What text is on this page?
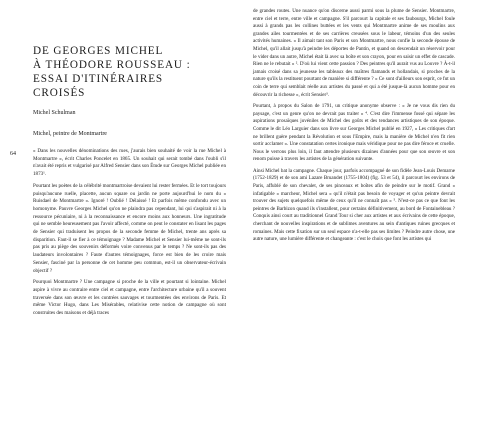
64
DE GEORGES MICHEL
À THÉODORE ROUSSEAU :
ESSAI D'ITINÉRAIRES
CROISÉS

Michel Schulman

Michel, peintre de Montmartre

« Dans les nouvelles dénominations des rues, j'aurais bien souhaité de voir la rue Michel à Montmartre », écrit Charles Poncelet en 1865. Un souhait qui serait tombé dans l'oubli s'il n'avait été repris et vulgarisé par Alfred Sensier dans son Étude sur Georges Michel publiée en 1873¹.

Pourtant les poètes de la célébrité montmartroise devaient lui rester fermées. Et le tort toujours puisqu'aucune ruelle, placette, aucun square ou jardin ne porte aujourd'hui le nom du « Ruisdael de Montmartre ». Ignoré ! Oublié ! Délaissé ! Et parfois même confondu avec un homonyme. Pauvre Georges Michel qu'on ne plaindra pas cependant, lui qui s'aspirait ni à la ressource pécuniaire, ni à la reconnaissance et encore moins aux honneurs. Une ingratitude qui ne semble heureusement pas l'avoir affecté, comme on peut le constater en lisant les pages de Sensier qui traduisent les propos de la seconde femme de Michel, trente ans après sa disparition. Faut-il se fier à ce témoignage ? Madame Michel et Sensier lui-même ne sont-ils pas pris au piège des souvenirs déformés voire convenus par le temps ? Ne sont-ils pas des laudateurs involontaires ? Faute d'autres témoignages, force est bien de les croire mais Sensier, fasciné par la personne de cet homme peu commun, est-il un observateur-écrivain objectif ?

Pourquoi Montmartre ? Une campagne si proche de la ville et pourtant si lointaine. Michel aspire à vivre au contraire entre ciel et campagne, entre l'architecture urbaine qu'il a souvent traversée dans son œuvre et les contrées sauvages et tourmentées des environs de Paris. Et même Victor Hugo, dans Les Misérables, relativise cette notion de campagne où sont construites des maisons et déjà traces

de grandes routes. Une nuance qu'on discerne aussi parmi sous la plume de Sensier. Montmartre, entre ciel et terre, entre ville et campagne. S'il parcourt la capitale et ses faubourgs, Michel foule aussi à grands pas les collines buttées et les vents qui Montmartre anime de ses moulins aux grandes ailes tourmentées et de ses carrières creusées sous le labeur, témoins d'un des seules activités humaines. « Il aimait tant son Paris et son Montmartre, nous confie la seconde épouse de Michel, qu'il allait jusqu'à peindre les déportes de Pantin, et quand on descendait un réservoir pour le vider dans un autre, Michel était là avec sa boîte et son crayon, pour en saisir un effet de cascade. Rien ne le rebutait » ². D'où lui vient cette passion ? Des peintres qu'il aurait vus au Louvre ? À-t-il jamais croisé dans sa jeunesse les tableaux des maîtres flamands et hollandais, si proches de la nature qu'ils la restituent pourtant de manière si différente ? « Ce sont d'ailleurs son esprit, ce fut un coin de terre qui semblait réelle aux artistes du passé et qui a été jusque-là aucun homme pour en découvrir la richesse », écrit Sensier³.

Pourtant, à propos du Salon de 1791, un critique anonyme observe : « Je ne vous dis rien du paysage, c'est un genre qu'on ne devrait pas traiter » ⁴. C'est dire l'immense fossé qui sépare les aspirations prosaïques juvéniles de Michel des goûts et des tendances artistiques de son époque. Comme le dit Léo Larguier dans son livre sur Georges Michel publié en 1927, « Les critiques d'art ne brillent guère pendant la Révolution et sous l'Empire, mais la manière de Michel n'en fit rien sortir acclamer ». Une constatation certes ironique mais véridique pour ne pas dire féroce et cruelle. Nous le verrons plus loin, il faut attendre plusieurs dizaines d'années pour que son œuvre et son renom puisse à travers les artistes de la génération suivante.

Ainsi Michel bat la campagne. Chaque jour, parfois accompagné de son fidèle Jean-Louis Demarne (1752-1829) et de son ami Lazare Bruandet (1755-1804) (fig. 53 et 54), il parcourt les environs de Paris, affublé de son chevalet, de ses pinceaux et boîtes afin de peindre sur le motif. Grand « infatigable » marcheur, Michel sera « qu'il n'était pas besoin de voyager et qu'un peintre devrait trouver des sujets quelquefois même de ceux qu'il ne connaît pas » ⁵. N'est-ce pas ce que font les peintres de Barbizon quand ils s'installent, pour certains définitivement, au bord de Fontainebleau ? Conquis ainsi court au traditionnel Grand Tour si cher aux artistes et aux écrivains de cette époque, cherchant de nouvelles inspirations et de sublimes aventures au sein d'antiques ruines grecques et romaines. Mais cette fixation sur un seul espace n'a-t-elle pas ses limites ? Peindre autre chose, une autre nature, une lumière différente et changeante : c'est le choix que font les artistes qui
